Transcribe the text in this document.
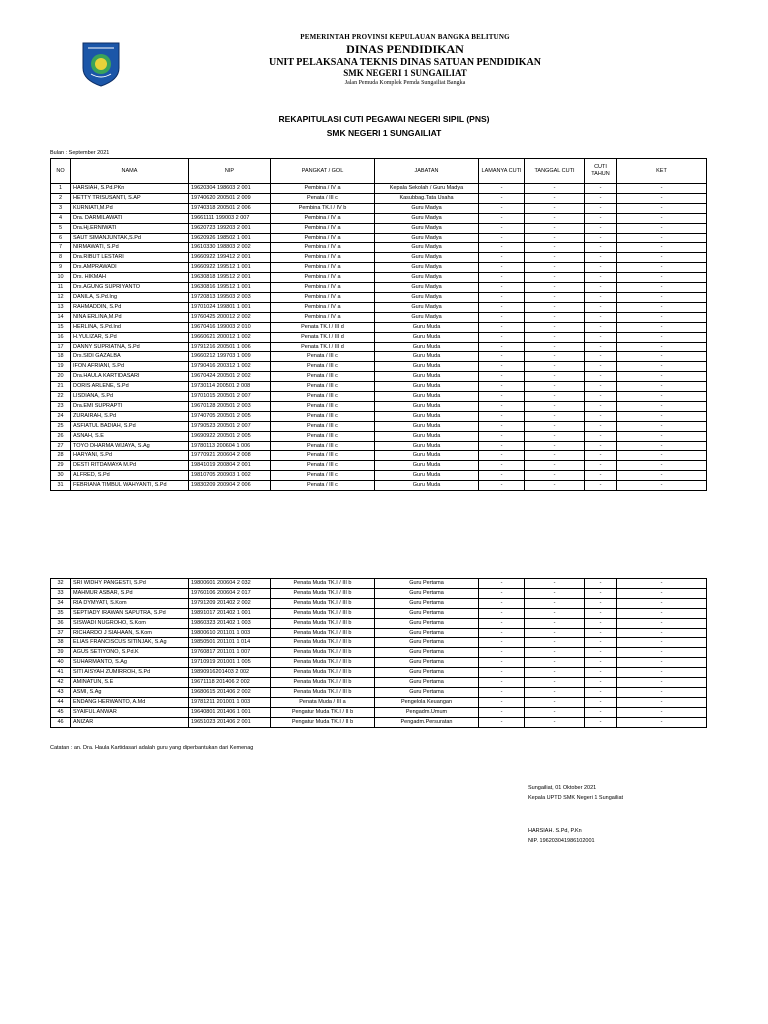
PEMERINTAH PROVINSI KEPULAUAN BANGKA BELITUNG
DINAS PENDIDIKAN
UNIT PELAKSANA TEKNIS DINAS SATUAN PENDIDIKAN
SMK NEGERI 1 SUNGAILIAT
Jalan Pemuda Komplek Pemda Sungailiat Bangka
REKAPITULASI CUTI PEGAWAI NEGERI SIPIL (PNS)
SMK NEGERI 1 SUNGAILIAT
Bulan : September 2021
NO	NAMA	NIP	PANGKAT / GOL	JABATAN	LAMANYA CUTI	TANGGAL CUTI	CUTI TAHUN	KET
1	HARSIAH, S.Pd.PKn	19620304 198603 2 001	Pembina / IV a	Kepala Sekolah / Guru Madya	-	-	-	-
2	HETTY TRISUSANTI, S.AP	19740620 200501 2 009	Penata / III c	Kasubbag.Tata Usaha	-	-	-	-
3	KURNIATI,M.Pd	19740318 200501 2 006	Pembina TK.I / IV b	Guru Madya	-	-	-	-
4	Dra. DARMILAWATI	19661111 199003 2 007	Pembina / IV a	Guru Madya	-	-	-	-
5	Dra.Hj.ERNIWATI	19620723 199203 2 001	Pembina / IV a	Guru Madya	-	-	-	-
6	SAUT SIMANJUNTAK,S.Pd	19620926 198502 1 001	Pembina / IV a	Guru Madya	-	-	-	-
7	NIRMAWATI, S.Pd	19610330 198803 2 002	Pembina / IV a	Guru Madya	-	-	-	-
8	Dra.RIBUT LESTARI	19660922 199412 2 001	Pembina / IV a	Guru Madya	-	-	-	-
9	Drs.AMPRAWADI	19660922 199512 1 001	Pembina / IV a	Guru Madya	-	-	-	-
10	Drs. HIKMAH	19630818 199512 2 001	Pembina / IV a	Guru Madya	-	-	-	-
11	Drs.AGUNG SUPRIYANTO	19630816 199512 1 001	Pembina / IV a	Guru Madya	-	-	-	-
12	DANILA, S.Pd.Ing	19720813 199503 2 003	Pembina / IV a	Guru Madya	-	-	-	-
13	RAHMADDIN, S.Pd	19701024 199801 1 001	Pembina / IV a	Guru Madya	-	-	-	-
14	NINA ERLINA,M.Pd	19760425 200012 2 002	Pembina / IV a	Guru Madya	-	-	-	-
15	HERLINA, S.Pd.Ind	19670416 199003 2 010	Penata TK.I / III d	Guru Muda	-	-	-	-
16	H.YULIZAR, S.Pd	19660621 200012 1 002	Penata TK.I / III d	Guru Muda	-	-	-	-
17	DANNY SUPRIATNA, S.Pd	19791216 200501 1 006	Penata TK.I / III d	Guru Muda	-	-	-	-
18	Drs.SIDI GAZALBA	19660212 199703 1 009	Penata / III c	Guru Muda	-	-	-	-
19	IFON AFRIANI, S.Pd	19790416 200312 1 002	Penata / III c	Guru Muda	-	-	-	-
20	Dra.HAULA KARTIDASARI	19670424 200501 2 002	Penata / III c	Guru Muda	-	-	-	-
21	DORIS ARLENE, S.Pd	19730114 200501 2 008	Penata / III c	Guru Muda	-	-	-	-
22	LISDIANA, S.Pd	19701015 200501 2 007	Penata / III c	Guru Muda	-	-	-	-
23	Dra.EMI SUPRAPTI	19670128 200501 2 003	Penata / III c	Guru Muda	-	-	-	-
24	ZURAIRAH, S.Pd	19740705 200501 2 005	Penata / III c	Guru Muda	-	-	-	-
25	ASFIATUL BADIAH, S.Pd	19790523 200501 2 007	Penata / III c	Guru Muda	-	-	-	-
26	ASNAH, S.E	19690922 200501 2 005	Penata / III c	Guru Muda	-	-	-	-
27	TOYO DHARMA WIJAYA, S.Ag	19780113 200604 1 006	Penata / III c	Guru Muda	-	-	-	-
28	HARYANI, S.Pd	19770921 200604 2 008	Penata / III c	Guru Muda	-	-	-	-
29	DESTI RITDAMAYA M.Pd	19841019 200804 2 001	Penata / III c	Guru Muda	-	-	-	-
30	ALFRED, S.Pd	19810705 200903 1 002	Penata / III c	Guru Muda	-	-	-	-
31	FEBRIANA TIMBUL WAHYANTI, S.Pd	19830209 200904 2 006	Penata / III c	Guru Muda	-	-	-	-
32	SRI WIDHY PANGESTI, S.Pd	19800601 200604 2 032	Penata Muda TK.I / III b	Guru Pertama	-	-	-	-
33	MAHMUR ASBAR, S.Pd	19760106 200604 2 017	Penata Muda TK.I / III b	Guru Pertama	-	-	-	-
34	RIA DYMYATI, S.Kom	19791209 201402 2 002	Penata Muda TK.I / III b	Guru Pertama	-	-	-	-
35	SEPTIADY IRAWAN SAPUTRA, S.Pd	19891017 201402 1 001	Penata Muda TK.I / III b	Guru Pertama	-	-	-	-
36	SISWADI NUGROHO, S.Kom	19860323 201402 1 003	Penata Muda TK.I / III b	Guru Pertama	-	-	-	-
37	RICHARDO J SIAHAAN, S.Kom	19800610 201101 1 003	Penata Muda TK.I / III b	Guru Pertama	-	-	-	-
38	ELIAS FRANCISCUS SITINJAK, S.Ag	19850501 201101 1 014	Penata Muda TK.I / III b	Guru Pertama	-	-	-	-
39	AGUS SETIYONO, S.Pd.K	19760817 201101 1 007	Penata Muda TK.I / III b	Guru Pertama	-	-	-	-
40	SUHARMANTO, S.Ag	19710919 201001 1 005	Penata Muda TK.I / III b	Guru Pertama	-	-	-	-
41	SITI AISYAH ZUMIRROH, S.Pd	19890916201403 2 002	Penata Muda TK.I / III b	Guru Pertama	-	-	-	-
42	AMINATUN, S.E	19671118 201406 2 002	Penata Muda TK.I / III b	Guru Pertama	-	-	-	-
43	ASMI, S.Ag	19680615 201406 2 002	Penata Muda TK.I / III b	Guru Pertama	-	-	-	-
44	ENDANG HERWANTO, A.Md	19781211 201001 1 003	Penata Muda / III a	Pengelola Keuangan	-	-	-	-
45	SYAIFUL ANWAR	19640801 201406 1 001	Pengatur Muda TK.I / II b	Pengadm.Umum	-	-	-	-
46	ANIZAR	19651023 201406 2 001	Pengatur Muda TK.I / II b	Pengadm.Persuratan	-	-	-	-
Catatan : an. Dra. Haula Kartidasari adalah guru yang diperbantukan dari Kemenag
Sungailiat, 01 Oktober 2021
Kepala UPTD SMK Negeri 1 Sungailiat
HARSIAH. S.Pd, P.Kn
NIP. 196203041986102001
